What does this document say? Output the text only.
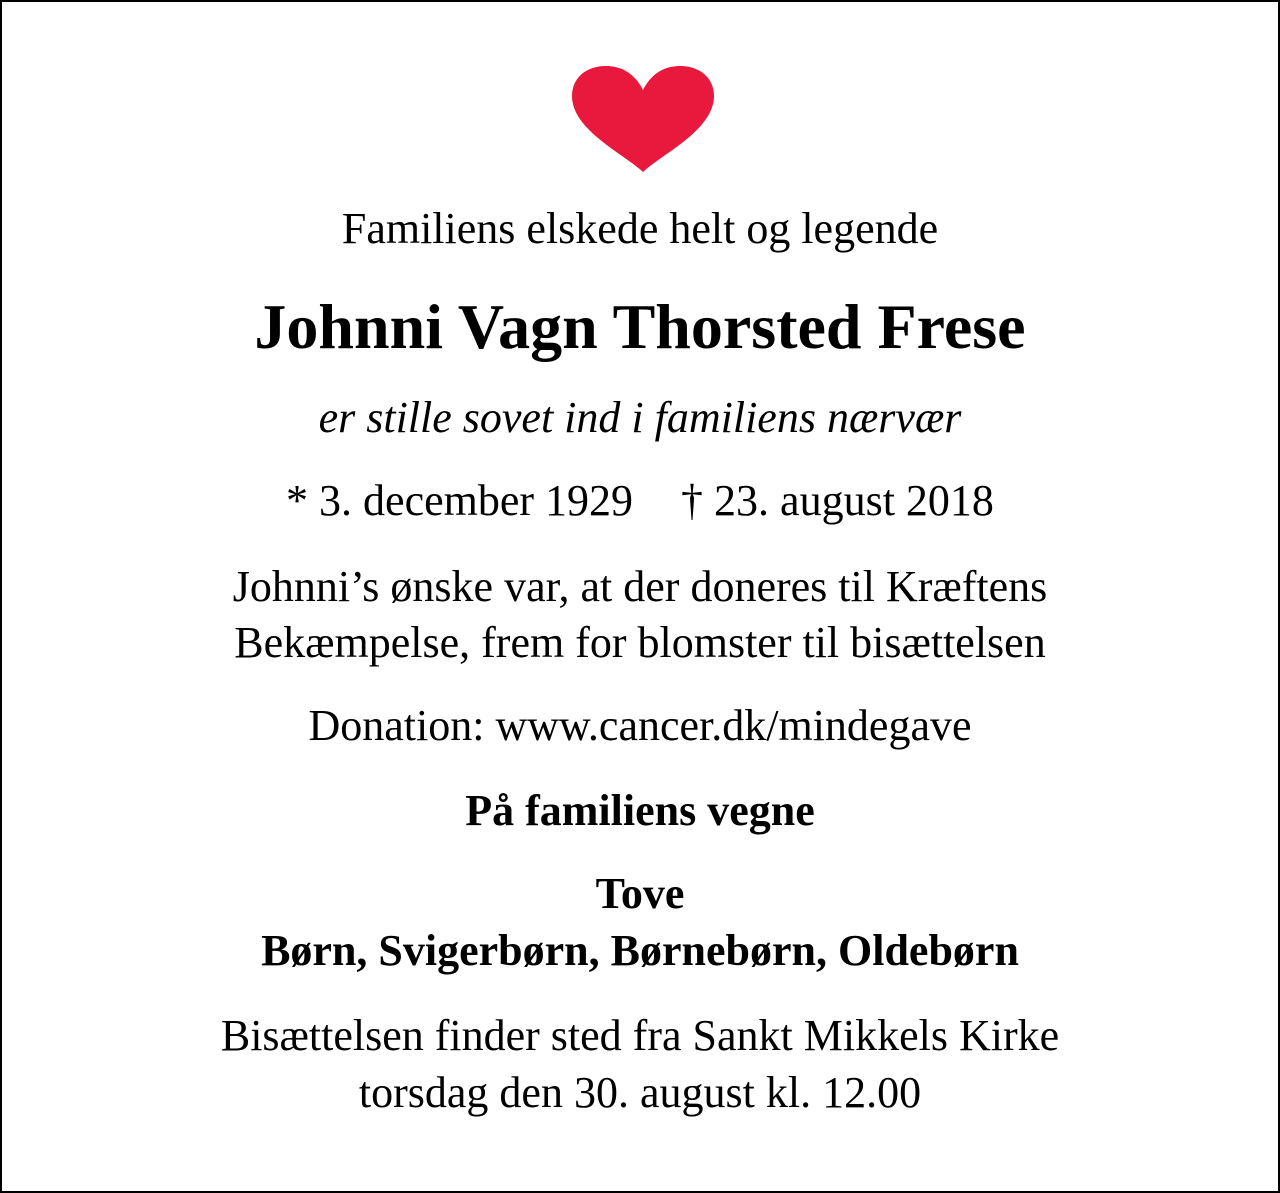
Familiens elskede helt og legende
Johnni Vagn Thorsted Frese
er stille sovet ind i familiens nærvær
* 3. december 1929 † 23. august 2018
Johnni’s ønske var, at der doneres til Kræftens
Bekæmpelse, frem for blomster til bisættelsen
Donation: www.cancer.dk/mindegave
På familiens vegne
Tove
Børn, Svigerbørn, Børnebørn, Oldebørn
Bisættelsen finder sted fra Sankt Mikkels Kirke
torsdag den 30. august kl. 12.00
